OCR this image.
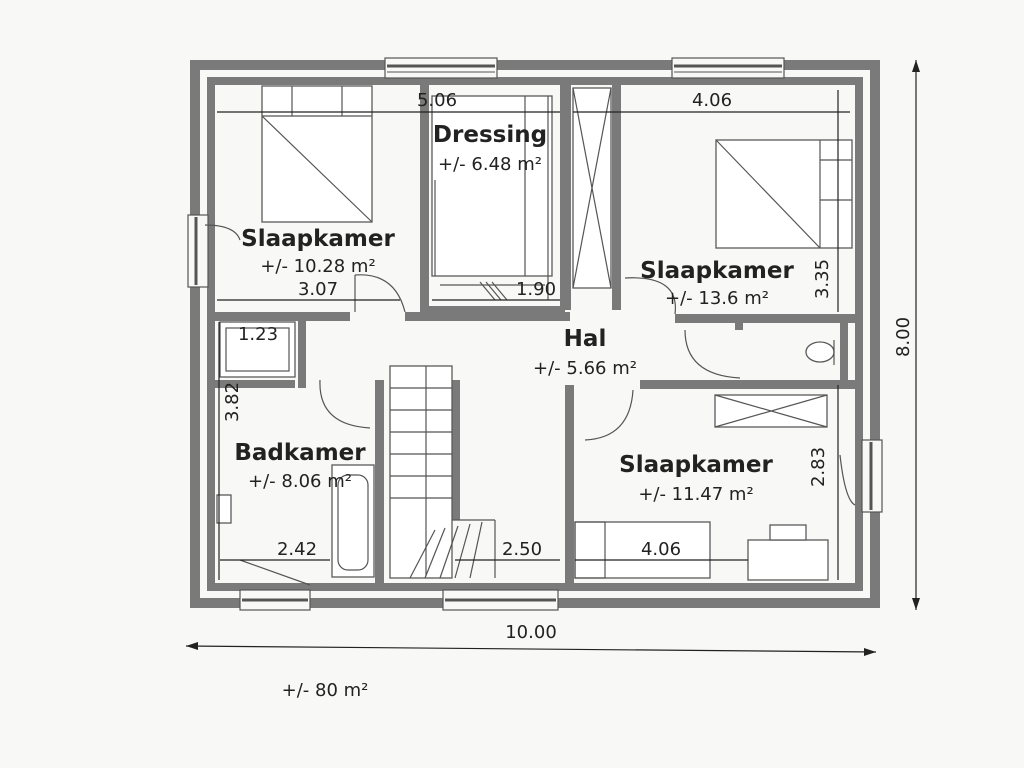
Dressing
+/- 6.48 m²
Slaapkamer
+/- 10.28 m²	Slaapkamer
+/- 13.6 m²
Hal
+/- 5.66 m²
Badkamer
+/- 8.06 m²
Slaapkamer
+/- 11.47 m²
5.06	4.06
3.07	1.90	3.35
1.23
3.82
2.83
2.42	2.50	4.06
10.00
8.00
+/- 80 m²
